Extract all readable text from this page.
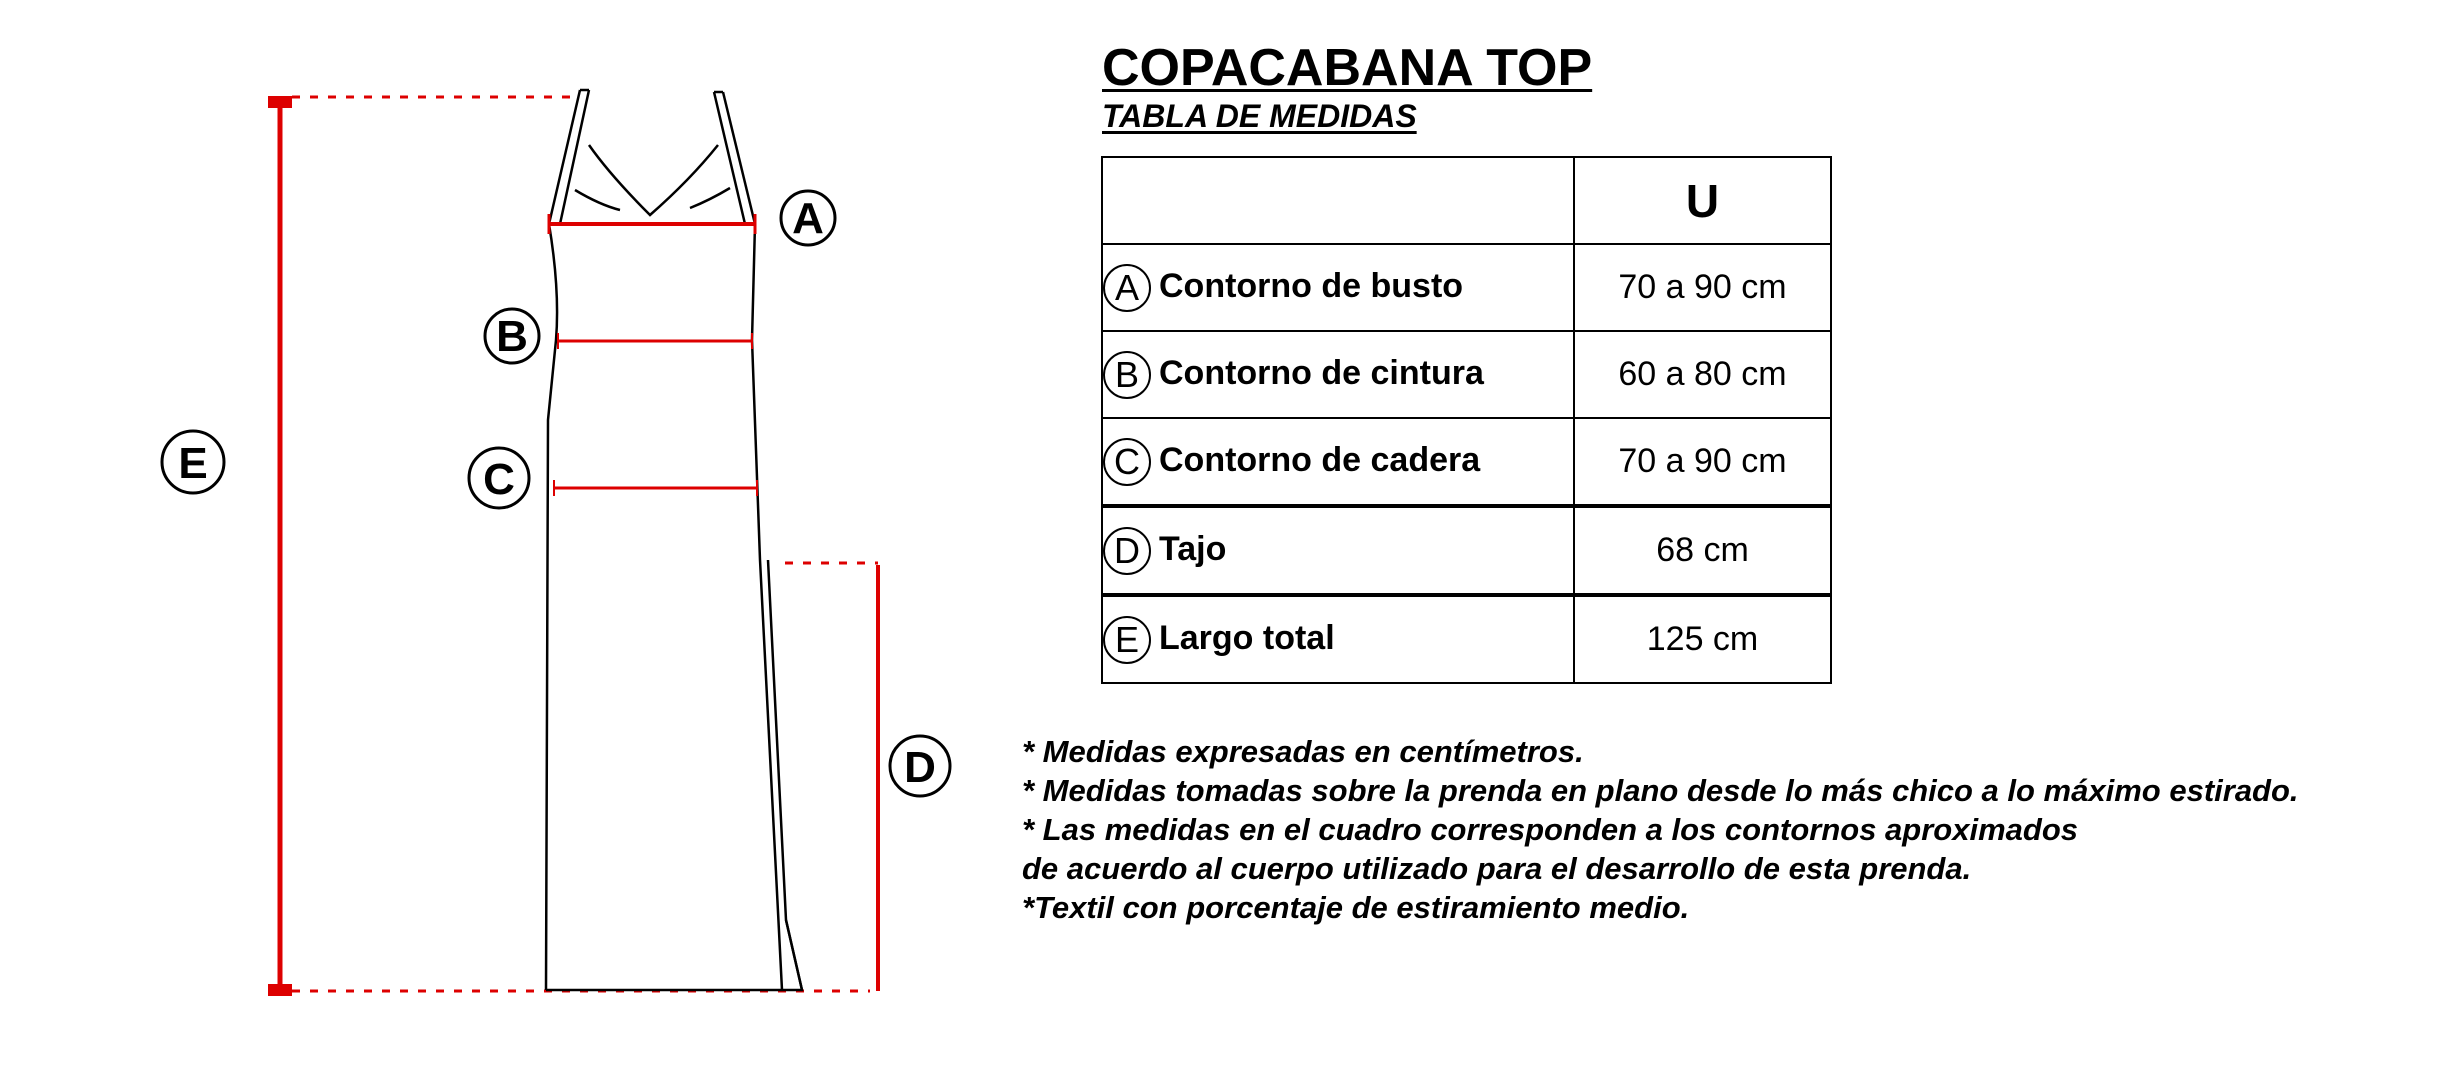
E
A
B
C
D
COPACABANA TOP
TABLA DE MEDIDAS
	U
A Contorno de busto	70 a 90 cm
B Contorno de cintura	60 a 80 cm
C Contorno de cadera	70 a 90 cm
D Tajo	68 cm
E Largo total	125 cm
* Medidas expresadas en centímetros.
* Medidas tomadas sobre la prenda en plano desde lo más chico a lo máximo estirado.
* Las medidas en el cuadro corresponden a los contornos aproximados
de acuerdo al cuerpo utilizado para el desarrollo de esta prenda.
*Textil con porcentaje de estiramiento medio.
